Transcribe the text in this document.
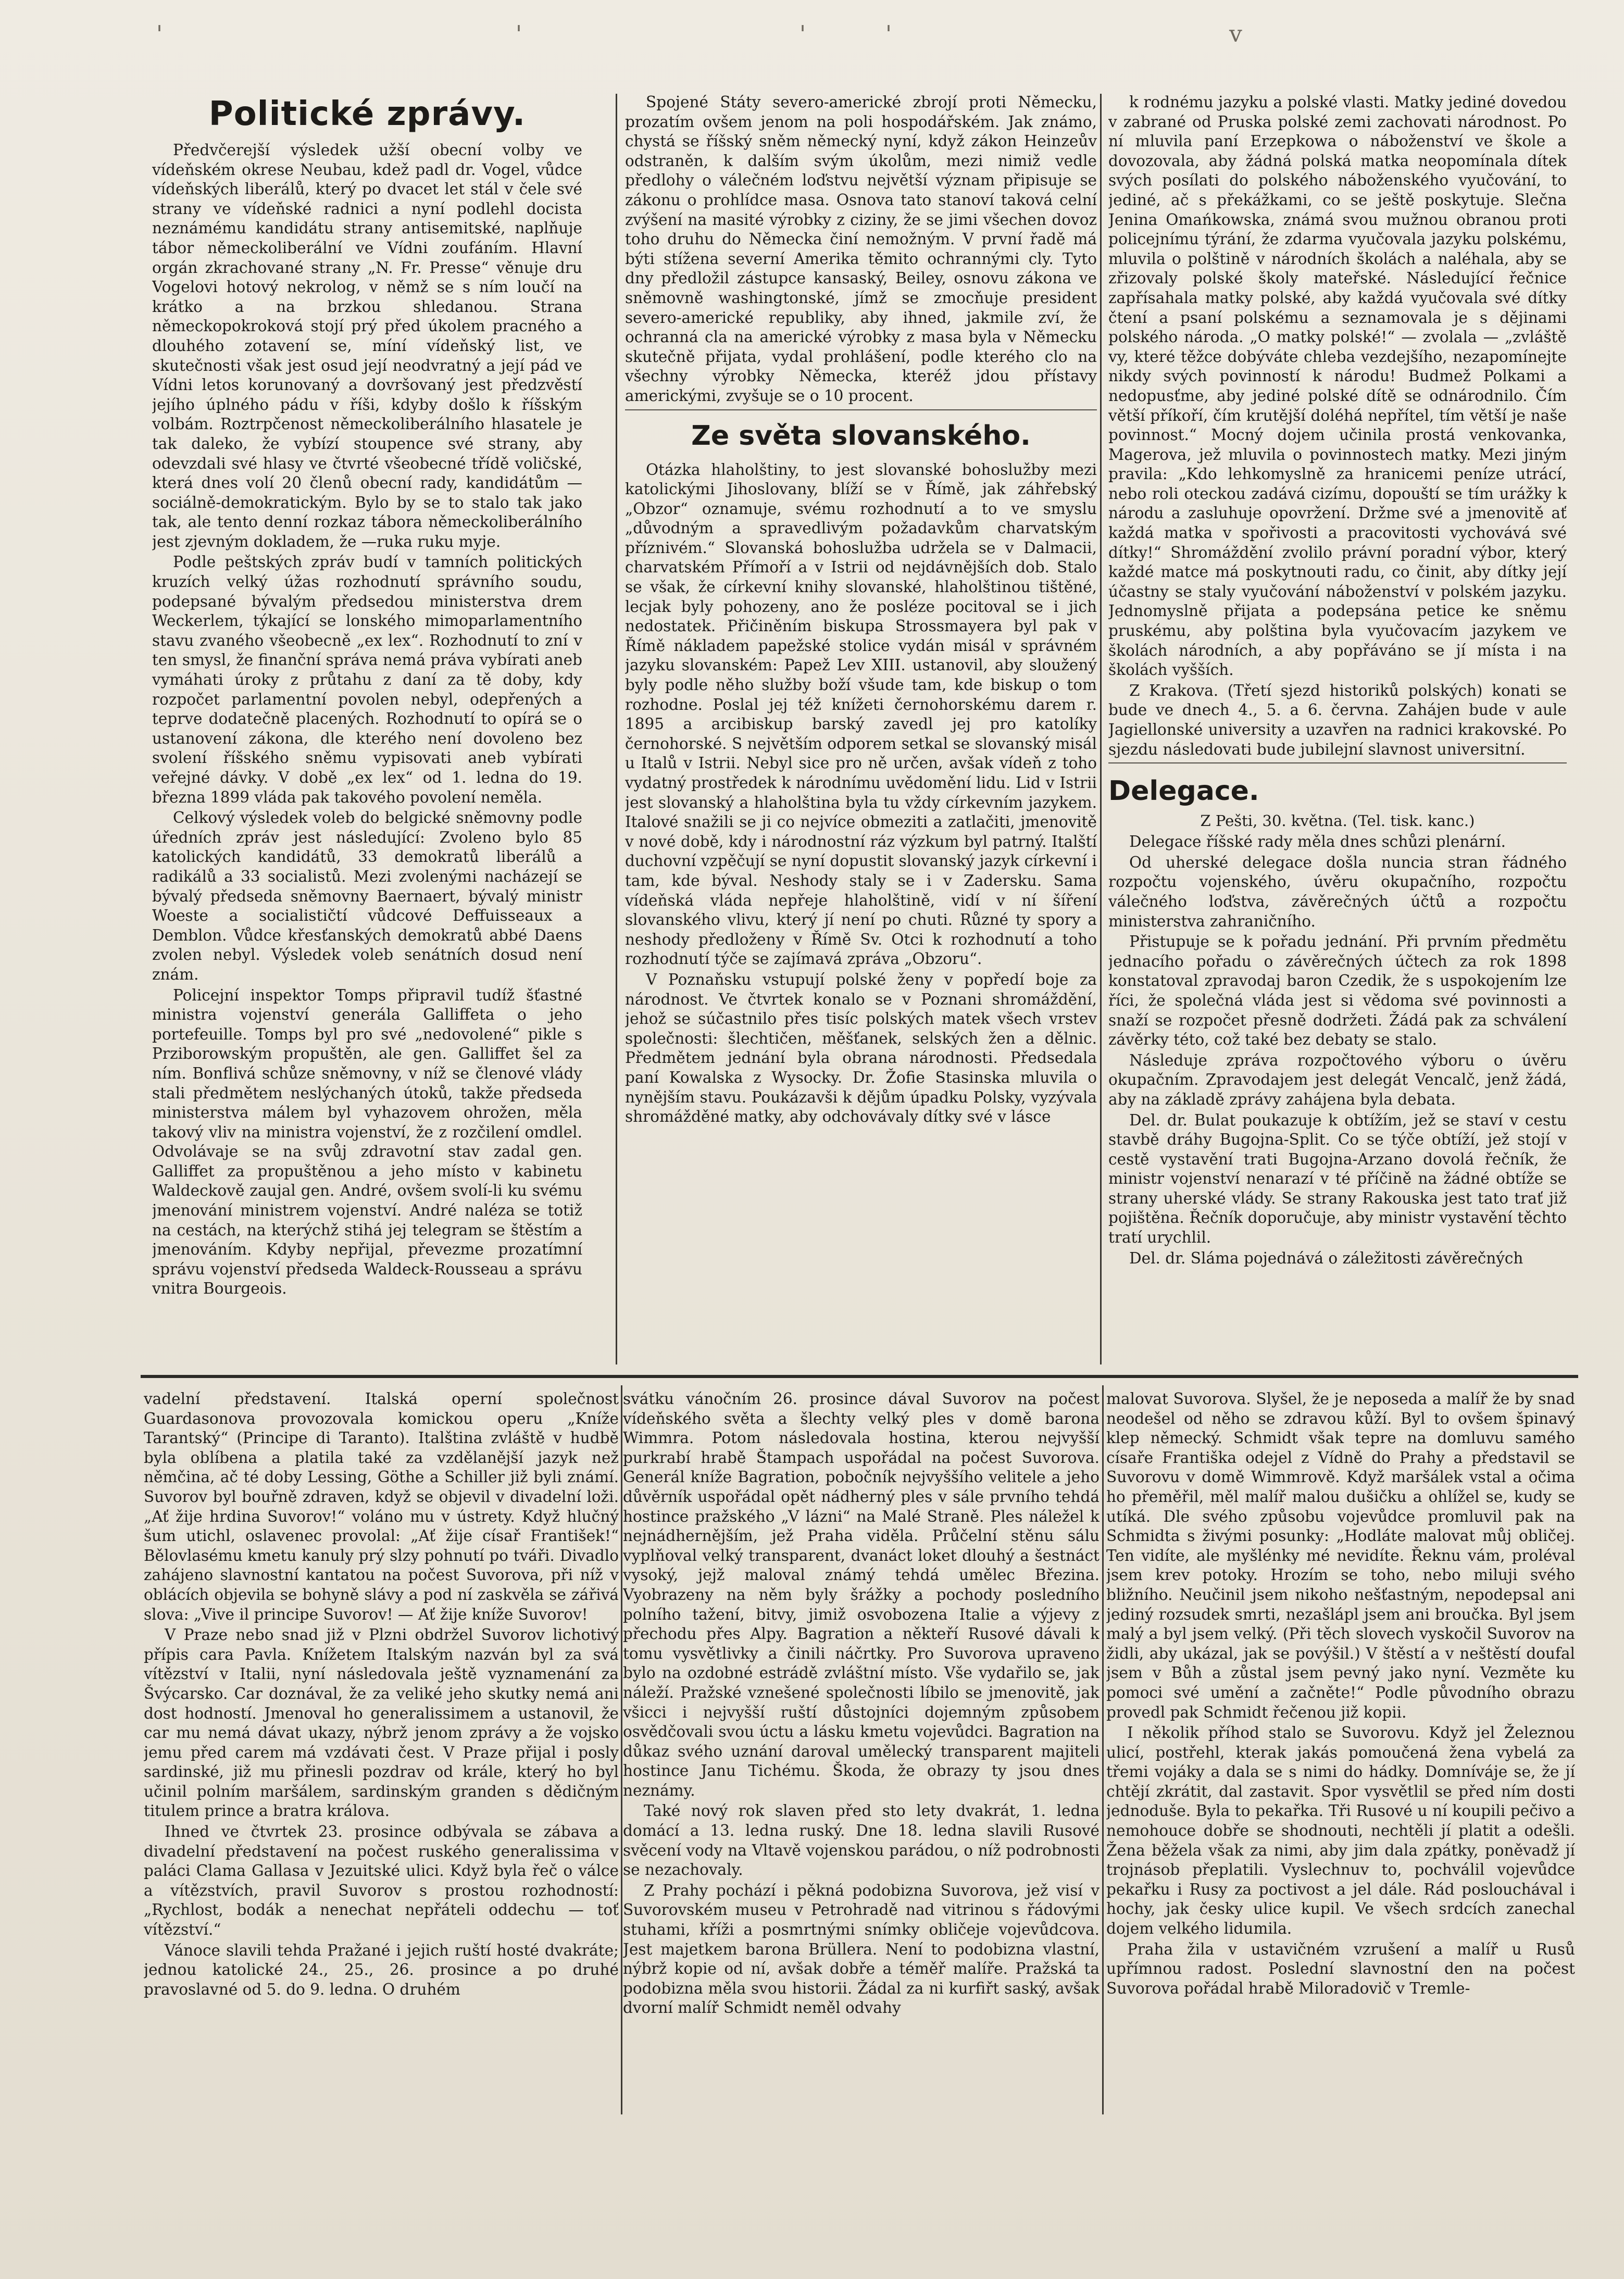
'	'	'	'	v
Politické zprávy.

Předvčerejší výsledek užší obecní volby ve vídeňském okrese Neubau, kdež padl dr. Vogel, vůdce vídeňských liberálů, který po dvacet let stál v čele své strany ve vídeňské radnici a nyní podlehl docista neznámému kandidátu strany antisemitské, naplňuje tábor německoliberální ve Vídni zoufáním. Hlavní orgán zkrachované strany „N. Fr. Presse“ věnuje dru Vogelovi hotový nekrolog, v němž se s ním loučí na krátko a na brzkou shledanou. Strana německopokroková stojí prý před úkolem pracného a dlouhého zotavení se, míní vídeňský list, ve skutečnosti však jest osud její neodvratný a její pád ve Vídni letos korunovaný a dovršovaný jest předzvěstí jejího úplného pádu v říši, kdyby došlo k říšským volbám. Roztrpčenost německoliberálního hlasatele je tak daleko, že vybízí stoupence své strany, aby odevzdali své hlasy ve čtvrté všeobecné třídě voličské, která dnes volí 20 členů obecní rady, kandidátům — sociálně-demokratickým. Bylo by se to stalo tak jako tak, ale tento denní rozkaz tábora německoliberálního jest zjevným dokladem, že —ruka ruku myje.

Podle peštských zpráv budí v tamních politických kruzích velký úžas rozhodnutí správního soudu, podepsané bývalým předsedou ministerstva drem Weckerlem, týkající se lonského mimoparlamentního stavu zvaného všeobecně „ex lex“. Rozhodnutí to zní v ten smysl, že finanční správa nemá práva vybírati aneb vymáhati úroky z průtahu z daní za tě doby, kdy rozpočet parlamentní povolen nebyl, odepřených a teprve dodatečně placených. Rozhodnutí to opírá se o ustanovení zákona, dle kterého není dovoleno bez svolení říšského sněmu vypisovati aneb vybírati veřejné dávky. V době „ex lex“ od 1. ledna do 19. března 1899 vláda pak takového povolení neměla.

Celkový výsledek voleb do belgické sněmovny podle úředních zpráv jest následující: Zvoleno bylo 85 katolických kandidátů, 33 demokratů liberálů a radikálů a 33 socialistů. Mezi zvolenými nacházejí se bývalý předseda sněmovny Baernaert, bývalý ministr Woeste a socialističtí vůdcové Deffuisseaux a Demblon. Vůdce křesťanských demokratů abbé Daens zvolen nebyl. Výsledek voleb senátních dosud není znám.

Policejní inspektor Tomps připravil tudíž šťastné ministra vojenství generála Galliffeta o jeho portefeuille. Tomps byl pro své „nedovolené“ pikle s Prziborowským propuštěn, ale gen. Galliffet šel za ním. Bonflivá schůze sněmovny, v níž se členové vlády stali předmětem neslýchaných útoků, takže předseda ministerstva málem byl vyhazovem ohrožen, měla takový vliv na ministra vojenství, že z rozčilení omdlel. Odvolávaje se na svůj zdravotní stav zadal gen. Galliffet za propuštěnou a jeho místo v kabinetu Waldeckově zaujal gen. André, ovšem svolí-li ku svému jmenování ministrem vojenství. André naléza se totiž na cestách, na kterýchž stihá jej telegram se štěstím a jmenováním. Kdyby nepřijal, převezme prozatímní správu vojenství předseda Waldeck-Rousseau a správu vnitra Bourgeois.

Spojené Státy severo-americké zbrojí proti Německu, prozatím ovšem jenom na poli hospodářském. Jak známo, chystá se říšský sněm německý nyní, když zákon Heinzeův odstraněn, k dalším svým úkolům, mezi nimiž vedle předlohy o válečném loďstvu největší význam připisuje se zákonu o prohlídce masa. Osnova tato stanoví taková celní zvýšení na masité výrobky z ciziny, že se jimi všechen dovoz toho druhu do Německa činí nemožným. V první řadě má býti stížena severní Amerika těmito ochrannými cly. Tyto dny předložil zástupce kansaský, Beiley, osnovu zákona ve sněmovně washingtonské, jímž se zmocňuje president severo-americké republiky, aby ihned, jakmile zví, že ochranná cla na americké výrobky z masa byla v Německu skutečně přijata, vydal prohlášení, podle kterého clo na všechny výrobky Německa, kteréž jdou přístavy americkými, zvyšuje se o 10 procent.

Ze světa slovanského.

Otázka hlaholštiny, to jest slovanské bohoslužby mezi katolickými Jihoslovany, blíží se v Římě, jak záhřebský „Obzor“ oznamuje, svému rozhodnutí a to ve smyslu „důvodným a spravedlivým požadavkům charvatským příznivém.“ Slovanská bohoslužba udržela se v Dalmacii, charvatském Přímoří a v Istrii od nejdávnějších dob. Stalo se však, že církevní knihy slovanské, hlaholštinou tištěné, lecjak byly pohozeny, ano že posléze pocitoval se i jich nedostatek. Přičiněním biskupa Strossmayera byl pak v Římě nákladem papežské stolice vydán misál v správném jazyku slovanském: Papež Lev XIII. ustanovil, aby sloužený byly podle něho služby boží všude tam, kde biskup o tom rozhodne. Poslal jej též knížeti černohorskému darem r. 1895 a arcibiskup barský zavedl jej pro katolíky černohorské. S největším odporem setkal se slovanský misál u Italů v Istrii. Nebyl sice pro ně určen, avšak vídeň z toho vydatný prostředek k národnímu uvědomění lidu. Lid v Istrii jest slovanský a hlaholština byla tu vždy církevním jazykem. Italové snažili se ji co nejvíce obmeziti a zatlačiti, jmenovitě v nové době, kdy i národnostní ráz výzkum byl patrný. Italští duchovní vzpěčují se nyní dopustit slovanský jazyk církevní i tam, kde býval. Neshody staly se i v Zadersku. Sama vídeňská vláda nepřeje hlaholštině, vidí v ní šíření slovanského vlivu, který jí není po chuti. Různé ty spory a neshody předloženy v Římě Sv. Otci k rozhodnutí a toho rozhodnutí týče se zajímavá zpráva „Obzoru“.

V Poznaňsku vstupují polské ženy v popředí boje za národnost. Ve čtvrtek konalo se v Poznani shromáždění, jehož se súčastnilo přes tisíc polských matek všech vrstev společnosti: šlechtičen, měšťanek, selských žen a dělnic. Předmětem jednání byla obrana národnosti. Předsedala paní Kowalska z Wysocky. Dr. Žofie Stasinska mluvila o nynějším stavu. Poukázavši k dějům úpadku Polsky, vyzývala shromážděné matky, aby odchovávaly dítky své v lásce

k rodnému jazyku a polské vlasti. Matky jediné dovedou v zabrané od Pruska polské zemi zachovati národnost. Po ní mluvila paní Erzepkowa o náboženství ve škole a dovozovala, aby žádná polská matka neopomínala dítek svých posílati do polského náboženského vyučování, to jediné, ač s překážkami, co se ještě poskytuje. Slečna Jenina Omańkowska, známá svou mužnou obranou proti policejnímu týrání, že zdarma vyučovala jazyku polskému, mluvila o polštině v národních školách a naléhala, aby se zřizovaly polské školy mateřské. Následující řečnice zapřísahala matky polské, aby každá vyučovala své dítky čtení a psaní polskému a seznamovala je s dějinami polského národa. „O matky polské!“ — zvolala — „zvláště vy, které těžce dobýváte chleba vezdejšího, nezapomínejte nikdy svých povinností k národu! Budmež Polkami a nedopusťme, aby jediné polské dítě se odnárodnilo. Čím větší příkoří, čím krutější doléhá nepřítel, tím větší je naše povinnost.“ Mocný dojem učinila prostá venkovanka, Magerova, jež mluvila o povinnostech matky. Mezi jiným pravila: „Kdo lehkomyslně za hranicemi peníze utrácí, nebo roli oteckou zadává cizímu, dopouští se tím urážky k národu a zasluhuje opovržení. Držme své a jmenovitě ať každá matka v spořivosti a pracovitosti vychovává své dítky!“ Shromáždění zvolilo právní poradní výbor, který každé matce má poskytnouti radu, co činit, aby dítky její účastny se staly vyučování náboženství v polském jazyku. Jednomyslně přijata a podepsána petice ke sněmu pruskému, aby polština byla vyučovacím jazykem ve školách národních, a aby popřáváno se jí místa i na školách vyšších.

Z Krakova. (Třetí sjezd historiků polských) konati se bude ve dnech 4., 5. a 6. června. Zahájen bude v aule Jagiellonské university a uzavřen na radnici krakovské. Po sjezdu následovati bude jubilejní slavnost universitní.

Delegace.
Z Pešti, 30. května. (Tel. tisk. kanc.)

Delegace říšské rady měla dnes schůzi plenární.

Od uherské delegace došla nuncia stran řádného rozpočtu vojenského, úvěru okupačního, rozpočtu válečného loďstva, závěrečných účtů a rozpočtu ministerstva zahraničního.

Přistupuje se k pořadu jednání. Při prvním předmětu jednacího pořadu o závěrečných účtech za rok 1898 konstatoval zpravodaj baron Czedik, že s uspokojením lze říci, že společná vláda jest si vědoma své povinnosti a snaží se rozpočet přesně dodržeti. Žádá pak za schválení závěrky této, což také bez debaty se stalo.

Následuje zpráva rozpočtového výboru o úvěru okupačním. Zpravodajem jest delegát Vencalč, jenž žádá, aby na základě zprávy zahájena byla debata.

Del. dr. Bulat poukazuje k obtížím, jež se staví v cestu stavbě dráhy Bugojna-Split. Co se týče obtíží, jež stojí v cestě vystavění trati Bugojna-Arzano dovolá řečník, že ministr vojenství nenarazí v té příčině na žádné obtíže se strany uherské vlády. Se strany Rakouska jest tato trať již pojištěna. Řečník doporučuje, aby ministr vystavění těchto tratí urychlil.

Del. dr. Sláma pojednává o záležitosti závěrečných

vadelní představení. Italská operní společnost Guardasonova provozovala komickou operu „Kníže Tarantský“ (Principe di Taranto). Italština zvláště v hudbě byla oblíbena a platila také za vzdělanější jazyk než němčina, ač té doby Lessing, Göthe a Schiller již byli známí. Suvorov byl bouřně zdraven, když se objevil v divadelní loži. „Ať žije hrdina Suvorov!“ voláno mu v ústrety. Když hlučný šum utichl, oslavenec provolal: „Ať žije císař František!“ Bělovlasému kmetu kanuly prý slzy pohnutí po tváři. Divadlo zahájeno slavnostní kantatou na počest Suvorova, při níž v oblácích objevila se bohyně slávy a pod ní zaskvěla se zářivá slova: „Vive il principe Suvorov! — Ať žije kníže Suvorov!

V Praze nebo snad již v Plzni obdržel Suvorov lichotivý přípis cara Pavla. Knížetem Italským nazván byl za svá vítězství v Italii, nyní následovala ještě vyznamenání za Švýcarsko. Car doznával, že za veliké jeho skutky nemá ani dost hodností. Jmenoval ho generalissimem a ustanovil, že car mu nemá dávat ukazy, nýbrž jenom zprávy a že vojsko jemu před carem má vzdávati čest. V Praze přijal i posly sardinské, již mu přinesli pozdrav od krále, který ho byl učinil polním maršálem, sardinským granden s dědičným titulem prince a bratra králova.

Ihned ve čtvrtek 23. prosince odbývala se zábava a divadelní představení na počest ruského generalissima v paláci Clama Gallasa v Jezuitské ulici. Když byla řeč o válce a vítězstvích, pravil Suvorov s prostou rozhodností: „Rychlost, bodák a nenechat nepřáteli oddechu — toť vítězství.“

Vánoce slavili tehda Pražané i jejich ruští hosté dvakráte; jednou katolické 24., 25., 26. prosince a po druhé pravoslavné od 5. do 9. ledna. O druhém

svátku vánočním 26. prosince dával Suvorov na počest vídeňského světa a šlechty velký ples v domě barona Wimmra. Potom následovala hostina, kterou nejvyšší purkrabí hrabě Štampach uspořádal na počest Suvorova. Generál kníže Bagration, pobočník nejvyššího velitele a jeho důvěrník uspořádal opět nádherný ples v sále prvního tehdá hostince pražského „V lázni“ na Malé Straně. Ples náležel k nejnádhernějším, jež Praha viděla. Průčelní stěnu sálu vyplňoval velký transparent, dvanáct loket dlouhý a šestnáct vysoký, jejž maloval známý tehdá umělec Březina. Vyobrazeny na něm byly šrážky a pochody posledního polního tažení, bitvy, jimiž osvobozena Italie a výjevy z přechodu přes Alpy. Bagration a někteří Rusové dávali k tomu vysvětlivky a činili náčrtky. Pro Suvorova upraveno bylo na ozdobné estrádě zvláštní místo. Vše vydařilo se, jak náleží. Pražské vznešené společnosti líbilo se jmenovitě, jak všicci i nejvyšší ruští důstojníci dojemným způsobem osvědčovali svou úctu a lásku kmetu vojevůdci. Bagration na důkaz svého uznání daroval umělecký transparent majiteli hostince Janu Tichému. Škoda, že obrazy ty jsou dnes neznámy.

Také nový rok slaven před sto lety dvakrát, 1. ledna domácí a 13. ledna ruský. Dne 18. ledna slavili Rusové svěcení vody na Vltavě vojenskou parádou, o níž podrobnosti se nezachovaly.

Z Prahy pochází i pěkná podobizna Suvorova, jež visí v Suvorovském museu v Petrohradě nad vitrinou s řádovými stuhami, kříži a posmrtnými snímky obličeje vojevůdcova. Jest majetkem barona Brüllera. Není to podobizna vlastní, nýbrž kopie od ní, avšak dobře a téměř malíře. Pražská ta podobizna měla svou historii. Žádal za ni kurfiřt saský, avšak dvorní malíř Schmidt neměl odvahy

malovat Suvorova. Slyšel, že je neposeda a malíř že by snad neodešel od něho se zdravou kůží. Byl to ovšem špinavý klep německý. Schmidt však tepre na domluvu samého císaře Františka odejel z Vídně do Prahy a představil se Suvorovu v domě Wimmrově. Když maršálek vstal a očima ho přeměřil, měl malíř malou dušičku a ohlížel se, kudy se utíká. Dle svého způsobu vojevůdce promluvil pak na Schmidta s živými posunky: „Hodláte malovat můj obličej. Ten vidíte, ale myšlénky mé nevidíte. Řeknu vám, proléval jsem krev potoky. Hrozím se toho, nebo miluji svého bližního. Neučinil jsem nikoho nešťastným, nepodepsal ani jediný rozsudek smrti, nezašlápl jsem ani broučka. Byl jsem malý a byl jsem velký. (Při těch slovech vyskočil Suvorov na židli, aby ukázal, jak se povýšil.) V štěstí a v neštěstí doufal jsem v Bůh a zůstal jsem pevný jako nyní. Vezměte ku pomoci své umění a začněte!“ Podle původního obrazu provedl pak Schmidt řečenou již kopii.

I několik příhod stalo se Suvorovu. Když jel Železnou ulicí, postřehl, kterak jakás pomoučená žena vybelá za třemi vojáky a dala se s nimi do hádky. Domníváje se, že jí chtějí zkrátit, dal zastavit. Spor vysvětlil se před ním dosti jednoduše. Byla to pekařka. Tři Rusové u ní koupili pečivo a nemohouce dobře se shodnouti, nechtěli jí platit a odešli. Žena běžela však za nimi, aby jim dala zpátky, poněvadž jí trojnásob přeplatili. Vyslechnuv to, pochválil vojevůdce pekařku i Rusy za poctivost a jel dále. Rád poslouchával i hochy, jak česky ulice kupil. Ve všech srdcích zanechal dojem velkého lidumila.

Praha žila v ustavičném vzrušení a malíř u Rusů upřímnou radost. Poslední slavnostní den na počest Suvorova pořádal hrabě Miloradovič v Tremle-
